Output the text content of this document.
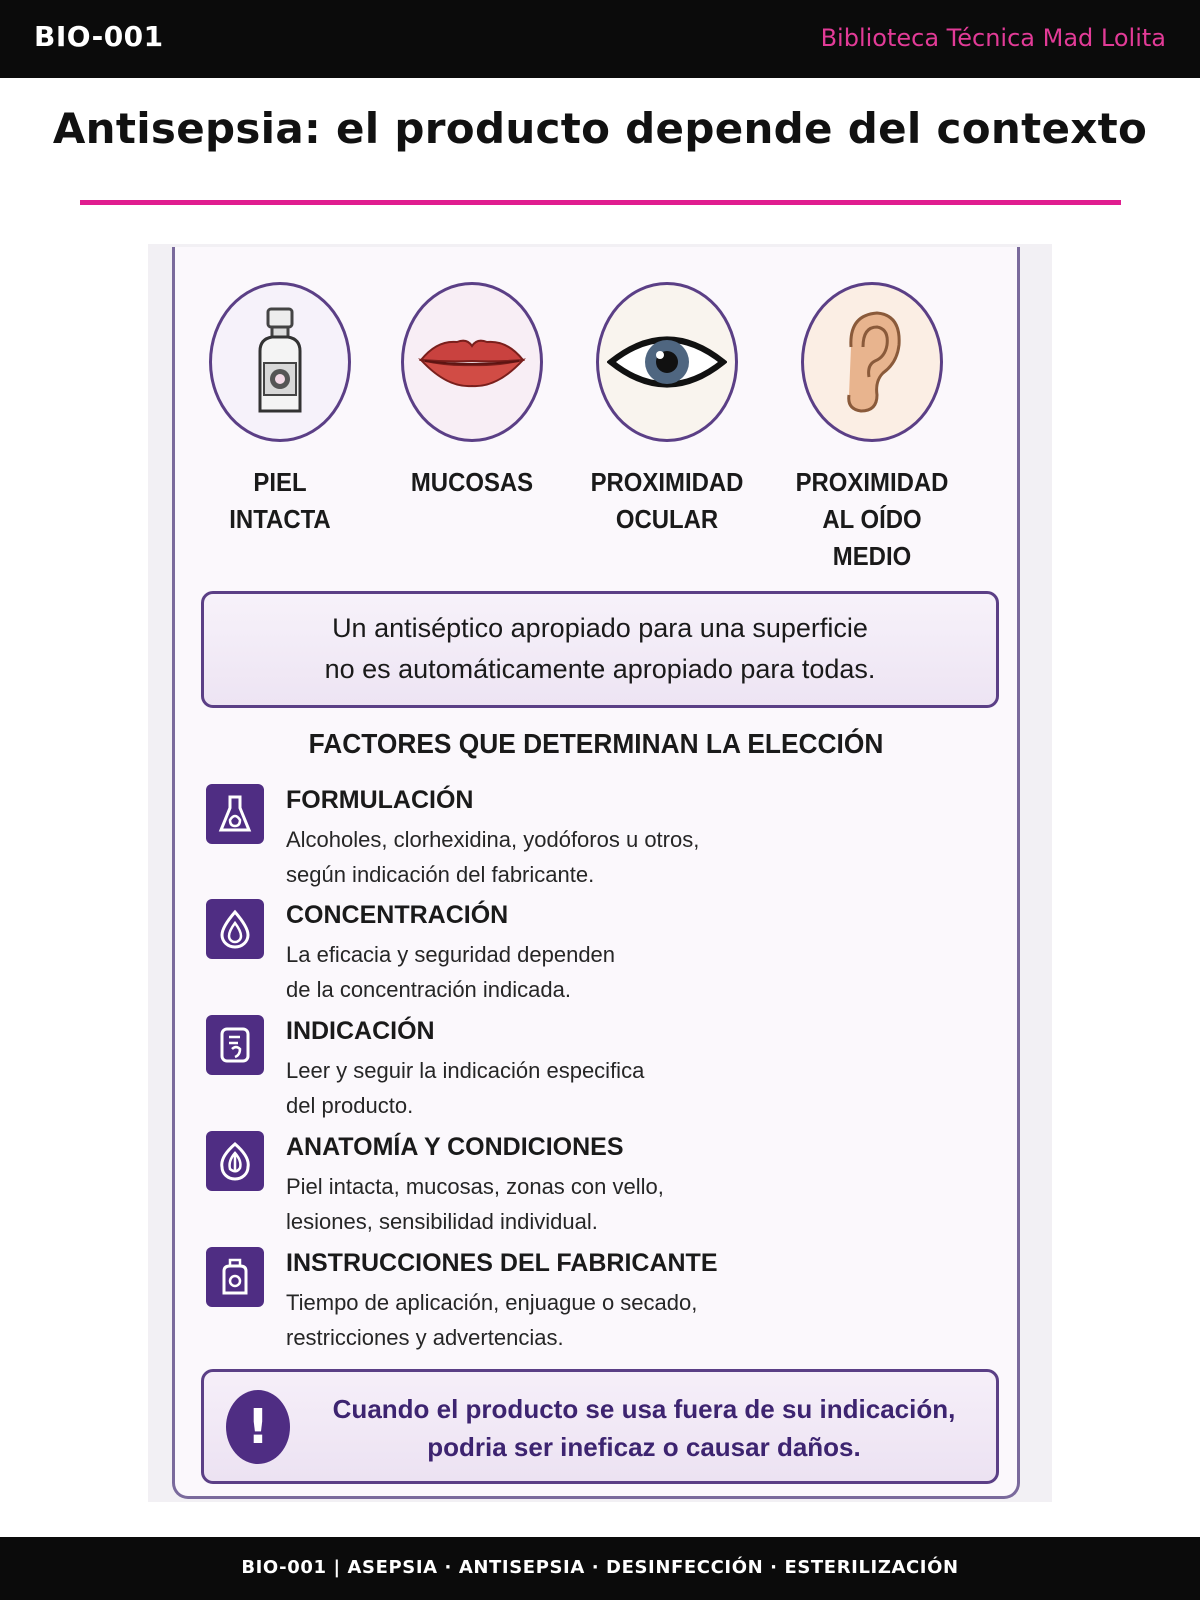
BIO-001	Biblioteca Técnica Mad Lolita
Antisepsia: el producto depende del contexto
PIEL
INTACTA
MUCOSAS	PROXIMIDAD
OCULAR
PROXIMIDAD
AL OÍDO
MEDIO
Un antiséptico apropiado para una superficie
no es automáticamente apropiado para todas.
FACTORES QUE DETERMINAN LA ELECCIÓN
FORMULACIÓN
Alcoholes, clorhexidina, yodóforos u otros,
según indicación del fabricante.
CONCENTRACIÓN
La eficacia y seguridad dependen
de la concentración indicada.
INDICACIÓN
Leer y seguir la indicación especifica
del producto.
ANATOMÍA Y CONDICIONES
Piel intacta, mucosas, zonas con vello,
lesiones, sensibilidad individual.
INSTRUCCIONES DEL FABRICANTE
Tiempo de aplicación, enjuague o secado,
restricciones y advertencias.
!	Cuando el producto se usa fuera de su indicación,
podria ser ineficaz o causar daños.
BIO-001 | ASEPSIA · ANTISEPSIA · DESINFECCIÓN · ESTERILIZACIÓN
